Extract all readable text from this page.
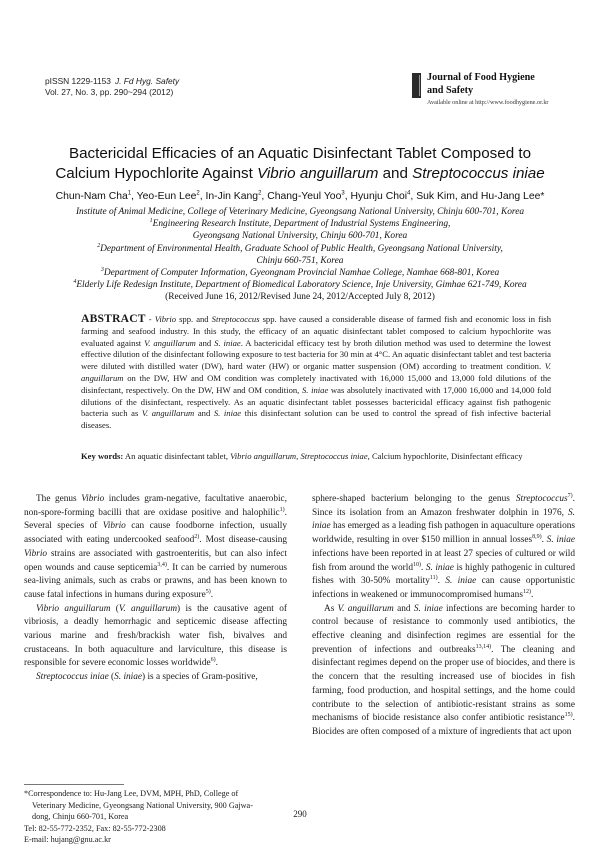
pISSN 1229-1153 J. Fd Hyg. Safety
Vol. 27, No. 3, pp. 290~294 (2012)
Journal of Food Hygiene
and Safety
Available online at http://www.foodhygiene.or.kr
Bactericidal Efficacies of an Aquatic Disinfectant Tablet Composed to
Calcium Hypochlorite Against Vibrio anguillarum and Streptococcus iniae
Chun-Nam Cha$^1$, Yeo-Eun Lee$^2$, In-Jin Kang$^2$, Chang-Yeul Yoo$^3$, Hyunju Choi$^4$, Suk Kim, and Hu-Jang Lee*
Institute of Animal Medicine, College of Veterinary Medicine, Gyeongsang National University, Chinju 600-701, Korea
$^1$Engineering Research Institute, Department of Industrial Systems Engineering,
Gyeongsang National University, Chinju 600-701, Korea
$^2$Department of Environmental Health, Graduate School of Public Health, Gyeongsang National University,
Chinju 660-751, Korea
$^3$Department of Computer Information, Gyeongnam Provincial Namhae College, Namhae 668-801, Korea
$^4$Elderly Life Redesign Institute, Department of Biomedical Laboratory Science, Inje University, Gimhae 621-749, Korea
(Received June 16, 2012/Revised June 24, 2012/Accepted July 8, 2012)
ABSTRACT - Vibrio spp. and Streptococcus spp. have caused a considerable disease of farmed fish and economic loss in fish farming and seafood industry. In this study, the efficacy of an aquatic disinfectant tablet composed to calcium hypochlorite was evaluated against V. anguillarum and S. iniae. A bactericidal efficacy test by broth dilution method was used to determine the lowest effective dilution of the disinfectant following exposure to test bacteria for 30 min at 4°C. An aquatic disinfectant tablet and test bacteria were diluted with distilled water (DW), hard water (HW) or organic matter suspension (OM) according to treatment condition. V. anguillarum on the DW, HW and OM condition was completely inactivated with 16,000 15,000 and 13,000 fold dilutions of the disinfectant, respectively. On the DW, HW and OM condition, S. iniae was absolutely inactivated with 17,000 16,000 and 14,000 fold dilutions of the disinfectant, respectively. As an aquatic disinfectant tablet possesses bactericidal efficacy against fish pathogenic bacteria such as V. anguillarum and S. iniae this disinfectant solution can be used to control the spread of fish infective bacterial diseases.
Key words: An aquatic disinfectant tablet, Vibrio anguillarum, Streptococcus iniae, Calcium hypochlorite, Disinfectant efficacy

The genus Vibrio includes gram-negative, facultative anaerobic, non-spore-forming bacilli that are oxidase positive and halophilic$^{1)}$. Several species of Vibrio can cause foodborne infection, usually associated with eating undercooked seafood$^{2)}$. Most disease-causing Vibrio strains are associated with gastroenteritis, but can also infect open wounds and cause septicemia$^{3,4)}$. It can be carried by numerous sea-living animals, such as crabs or prawns, and has been known to cause fatal infections in humans during exposure$^{5)}$.

Vibrio anguillarum (V. anguillarum) is the causative agent of vibriosis, a deadly hemorrhagic and septicemic disease affecting various marine and fresh/brackish water fish, bivalves and crustaceans. In both aquaculture and larviculture, this disease is responsible for severe economic losses worldwide$^{6)}$.

Streptococcus iniae (S. iniae) is a species of Gram-positive,

sphere-shaped bacterium belonging to the genus Streptococcus$^{7)}$. Since its isolation from an Amazon freshwater dolphin in 1976, S. iniae has emerged as a leading fish pathogen in aquaculture operations worldwide, resulting in over $150 million in annual losses$^{8,9)}$. S. iniae infections have been reported in at least 27 species of cultured or wild fish from around the world$^{10)}$. S. iniae is highly pathogenic in cultured fishes with 30-50% mortality$^{11)}$. S. iniae can cause opportunistic infections in weakened or immunocompromised humans$^{12)}$.

As V. anguillarum and S. iniae infections are becoming harder to control because of resistance to commonly used antibiotics, the effective cleaning and disinfection regimes are essential for the prevention of infections and outbreaks$^{13,14)}$. The cleaning and disinfectant regimes depend on the proper use of biocides, and there is the concern that the resulting increased use of biocides in fish farming, food production, and hospital settings, and the home could contribute to the selection of antibiotic-resistant strains as some mechanisms of biocide resistance also confer antibiotic resistance$^{15)}$. Biocides are often composed of a mixture of ingredients that act upon

*Correspondence to: Hu-Jang Lee, DVM, MPH, PhD, College of
Veterinary Medicine, Gyeongsang National University, 900 Gajwa-
dong, Chinju 660-701, Korea
Tel: 82-55-772-2352, Fax: 82-55-772-2308
E-mail: hujang@gnu.ac.kr
290
